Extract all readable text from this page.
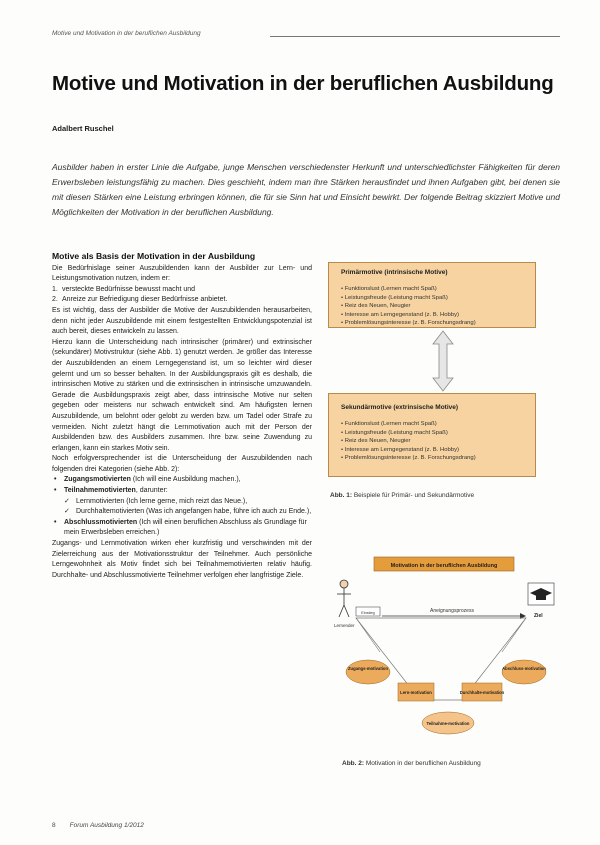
Motive und Motivation in der beruflichen Ausbildung
Motive und Motivation in der beruflichen Ausbildung
Adalbert Ruschel
Ausbilder haben in erster Linie die Aufgabe, junge Menschen verschiedenster Herkunft und unterschiedlichster Fähigkeiten für deren Erwerbsleben leistungsfähig zu machen. Dies geschieht, indem man ihre Stärken herausfindet und ihnen Aufgaben gibt, bei denen sie mit diesen Stärken eine Leistung erbringen können, die für sie Sinn hat und Einsicht bewirkt. Der folgende Beitrag skizziert Motive und Möglichkeiten der Motivation in der beruflichen Ausbildung.
Motive als Basis der Motivation in der Ausbildung

Die Bedürfnislage seiner Auszubildenden kann der Ausbilder zur Lern- und Leistungsmotivation nutzen, indem er:

1. versteckte Bedürfnisse bewusst macht und
2. Anreize zur Befriedigung dieser Bedürfnisse anbietet.

Es ist wichtig, dass der Ausbilder die Motive der Auszubildenden herausarbeiten, denn nicht jeder Auszubildende mit einem festgestellten Entwicklungspotenzial ist auch bereit, dieses entwickeln zu lassen.

Hierzu kann die Unterscheidung nach intrinsischer (primärer) und extrinsischer (sekundärer) Motivstruktur (siehe Abb. 1) genutzt werden. Je größer das Interesse der Auszubildenden an einem Lerngegenstand ist, um so leichter wird dieser gelernt und um so besser behalten. In der Ausbildungspraxis gilt es deshalb, die intrinsischen Motive zu stärken und die extrinsischen in intrinsische umzuwandeln. Gerade die Ausbildungspraxis zeigt aber, dass intrinsische Motive nur selten gegeben oder meistens nur schwach entwickelt sind. Am häufigsten lernen Auszubildende, um belohnt oder gelobt zu werden bzw. um Tadel oder Strafe zu vermeiden. Nicht zuletzt hängt die Lernmotivation auch mit der Person der Ausbildenden bzw. des Ausbilders zusammen. Ihre bzw. seine Zuwendung zu erlangen, kann ein starkes Motiv sein.

Noch erfolgversprechender ist die Unterscheidung der Auszubildenden nach folgenden drei Kategorien (siehe Abb. 2):

• Zugangsmotivierten (Ich will eine Ausbildung machen.),
• Teilnahmemotivierten, darunter:
✓ Lernmotivierten (Ich lerne gerne, mich reizt das Neue.),
✓ Durchhaltemotivierten (Was ich angefangen habe, führe ich auch zu Ende.),
• Abschlussmotivierten (Ich will einen beruflichen Abschluss als Grundlage für mein Erwerbsleben erreichen.)

Zugangs- und Lernmotivation wirken eher kurzfristig und verschwinden mit der Zielerreichung aus der Motivationsstruktur der Teilnehmer. Auch persönliche Lerngewohnheit als Motiv findet sich bei Teilnahmemotivierten relativ häufig. Durchhalte- und Abschlussmotivierte Teilnehmer verfolgen eher langfristige Ziele.

Primärmotive (intrinsische Motive)
• Funktionslust (Lernen macht Spaß)
• Leistungsfreude (Leistung macht Spaß)
• Reiz des Neuen, Neugier
• Interesse am Lerngegenstand (z. B. Hobby)
• Problemlösungsinteresse (z. B. Forschungsdrang)
Sekundärmotive (extrinsische Motive)
• Funktionslust (Lernen macht Spaß)
• Leistungsfreude (Leistung macht Spaß)
• Reiz des Neuen, Neugier
• Interesse am Lerngegenstand (z. B. Hobby)
• Problemlösungsinteresse (z. B. Forschungsdrang)
Abb. 1: Beispiele für Primär- und Sekundärmotive
Motivation in der beruflichen Ausbildung
Lernender
Ziel
Einstieg	Aneignungsprozess
Zugangs-motivation	Abschluss-motivation
Lern-motivation	Durchhalte-motivation
Teilnahme-motivation
Abb. 2: Motivation in der beruflichen Ausbildung
8 Forum Ausbildung 1/2012
